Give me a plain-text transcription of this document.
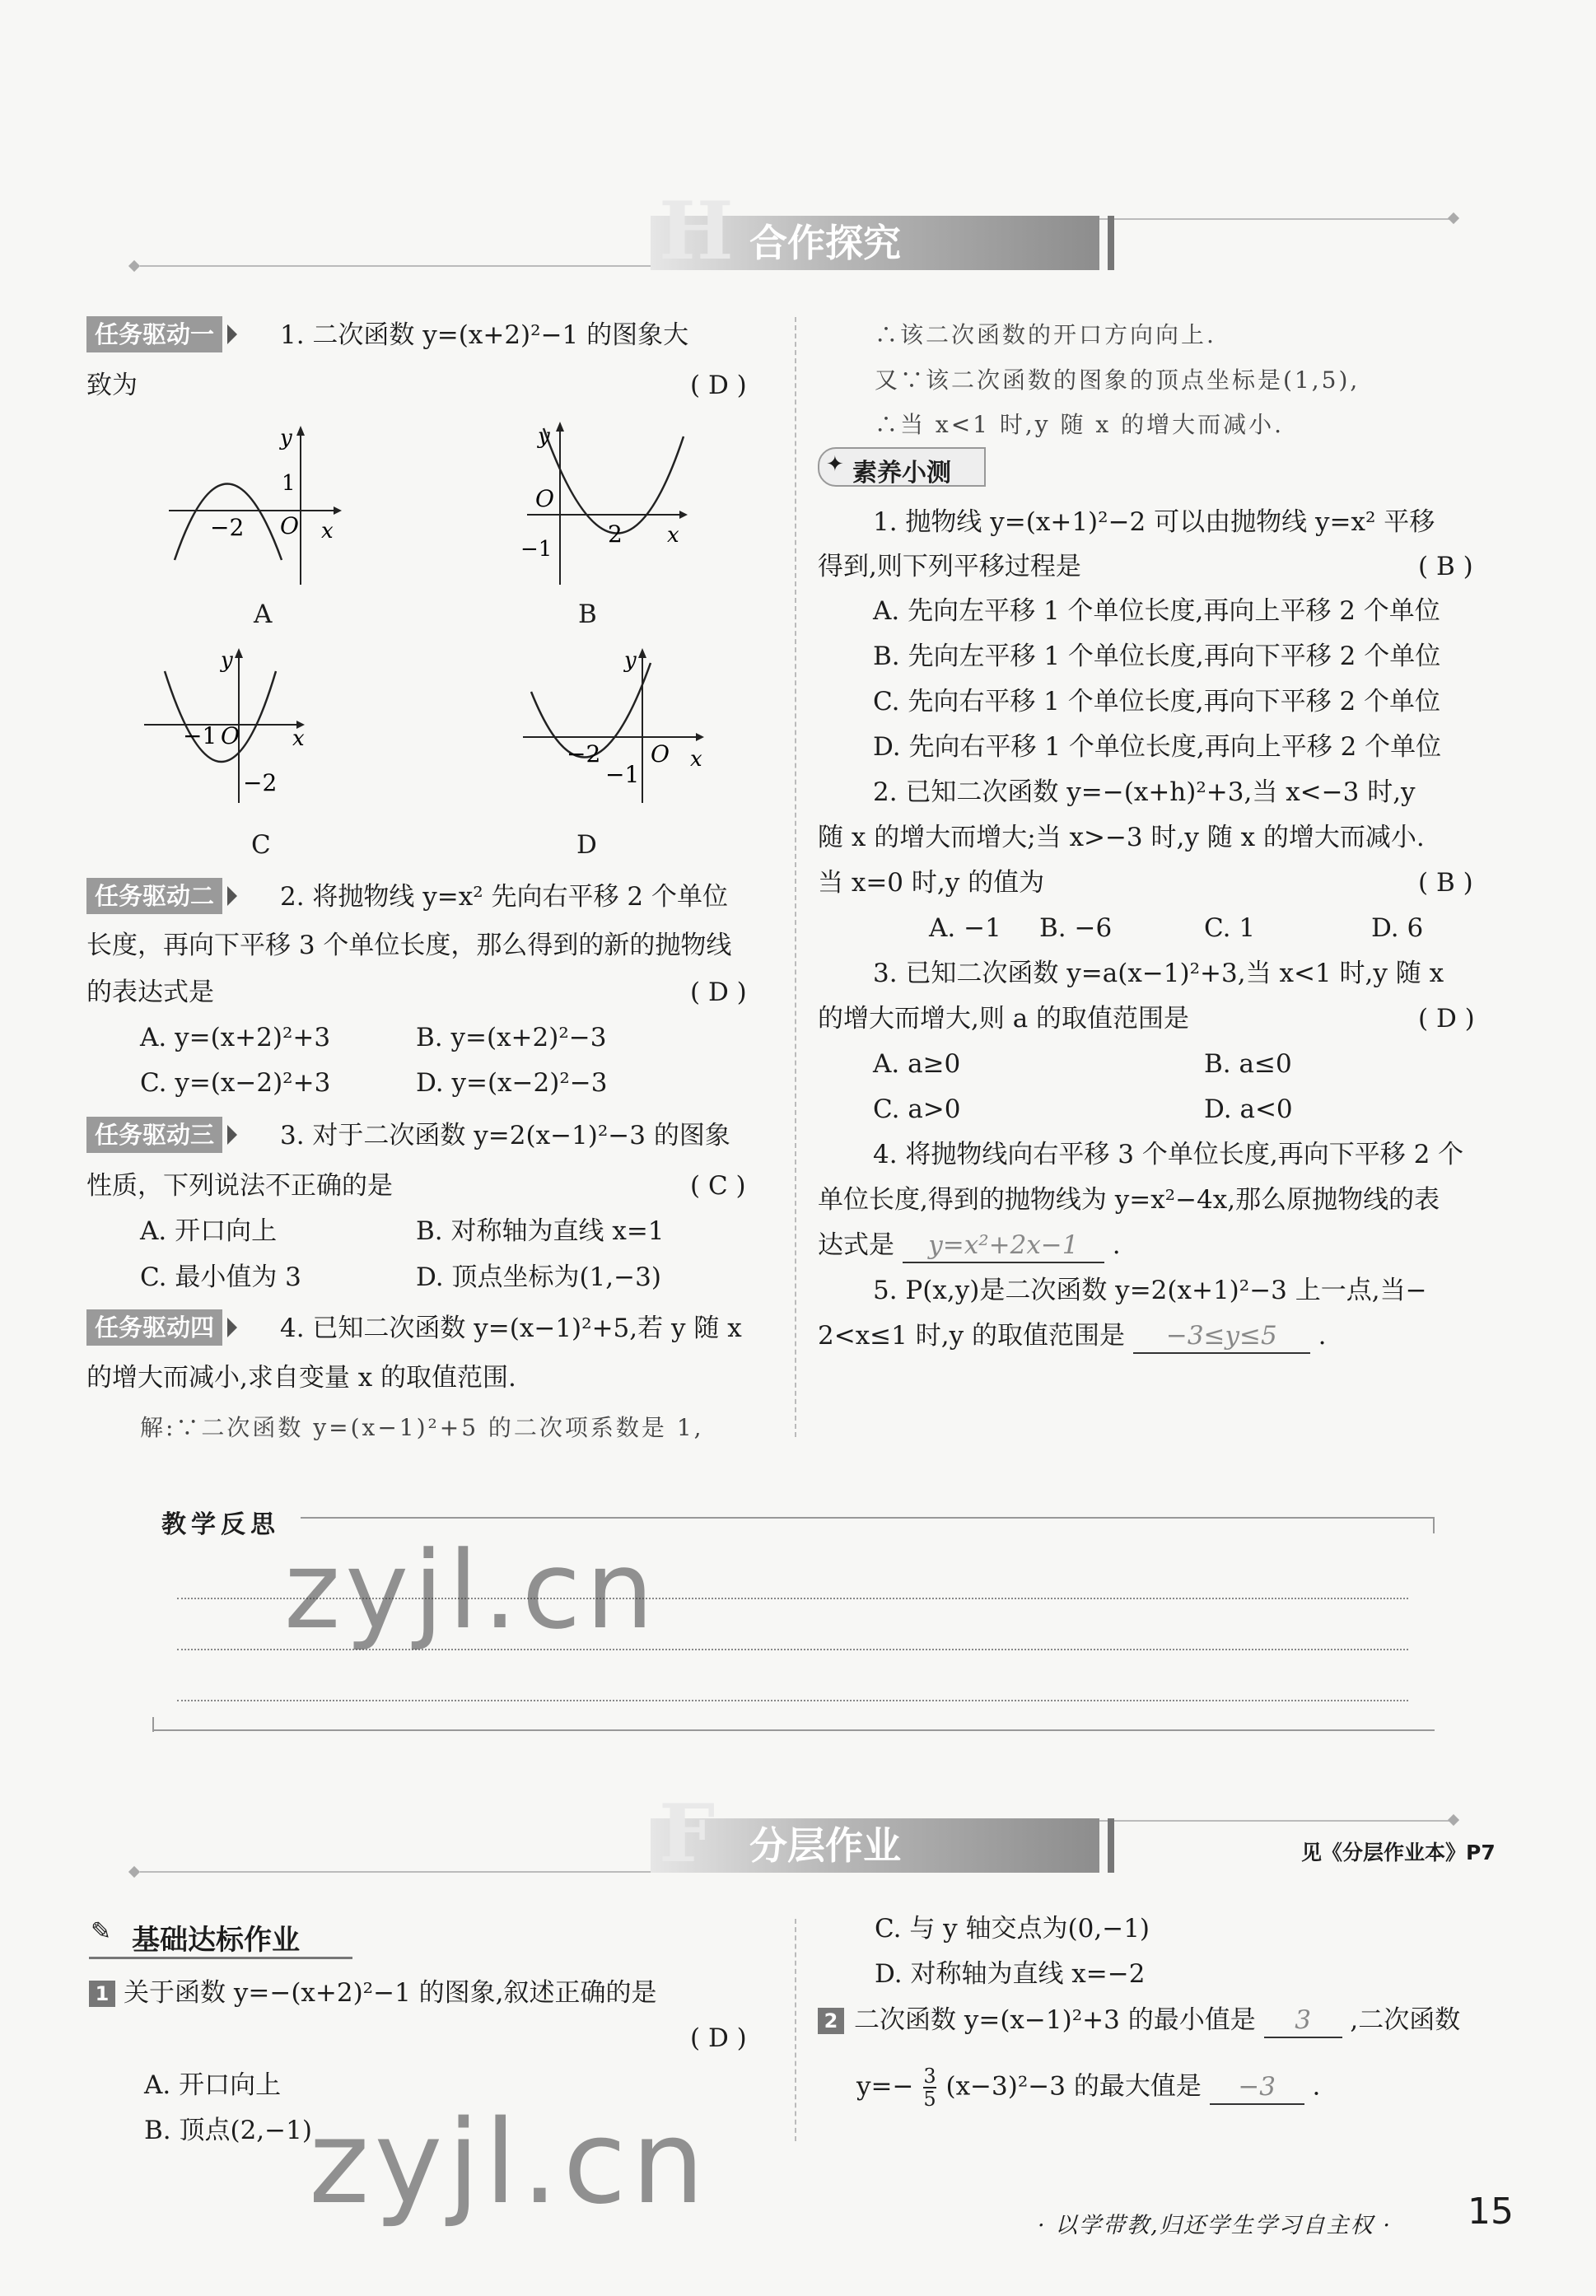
H 合作探究
任务驱动一	1. 二次函数 y=(x+2)²−1 的图象大
致为	( D )
−2 O x
y
1
A
y
O
2 x
−1
B
y
−1 O x
−2
C
y
−2 O x
−1
D
任务驱动二	2. 将抛物线 y=x² 先向右平移 2 个单位
长度，再向下平移 3 个单位长度，那么得到的新的抛物线
的表达式是	( D )
A. y=(x+2)²+3	B. y=(x+2)²−3
C. y=(x−2)²+3	D. y=(x−2)²−3
任务驱动三	3. 对于二次函数 y=2(x−1)²−3 的图象
性质，下列说法不正确的是	( C )
A. 开口向上	B. 对称轴为直线 x=1
C. 最小值为 3	D. 顶点坐标为(1,−3)
任务驱动四	4. 已知二次函数 y=(x−1)²+5,若 y 随 x
的增大而减小,求自变量 x 的取值范围.
解:∵二次函数 y=(x−1)²+5 的二次项系数是 1,
∴该二次函数的开口方向向上.
又∵该二次函数的图象的顶点坐标是(1,5),
∴当 x<1 时,y 随 x 的增大而减小.
素养小测
✦
1. 抛物线 y=(x+1)²−2 可以由抛物线 y=x² 平移
得到,则下列平移过程是	( B )
A. 先向左平移 1 个单位长度,再向上平移 2 个单位
B. 先向左平移 1 个单位长度,再向下平移 2 个单位
C. 先向右平移 1 个单位长度,再向下平移 2 个单位
D. 先向右平移 1 个单位长度,再向上平移 2 个单位
2. 已知二次函数 y=−(x+h)²+3,当 x<−3 时,y
随 x 的增大而增大;当 x>−3 时,y 随 x 的增大而减小.
当 x=0 时,y 的值为	( B )
A. −1 B. −6	C. 1	D. 6
3. 已知二次函数 y=a(x−1)²+3,当 x<1 时,y 随 x
的增大而增大,则 a 的取值范围是	( D )
A. a≥0	B. a≤0
C. a>0	D. a<0
4. 将抛物线向右平移 3 个单位长度,再向下平移 2 个
单位长度,得到的抛物线为 y=x²−4x,那么原抛物线的表
达式是 y=x²+2x−1 .
5. P(x,y)是二次函数 y=2(x+1)²−3 上一点,当−
2<x≤1 时,y 的取值范围是 −3≤y≤5 .
教学反思
zyjl.cn
F 分层作业	见《分层作业本》P7
✎ 基础达标作业
1 关于函数 y=−(x+2)²−1 的图象,叙述正确的是
( D )
A. 开口向上
B. 顶点(2,−1)
C. 与 y 轴交点为(0,−1)
D. 对称轴为直线 x=−2
2 二次函数 y=(x−1)²+3 的最小值是 3 ,二次函数
$y=- \frac{3}{5} (x-3)^2-3$ 的最大值是 −3 .
zyjl.cn	· 以学带教,归还学生学习自主权 · 15
